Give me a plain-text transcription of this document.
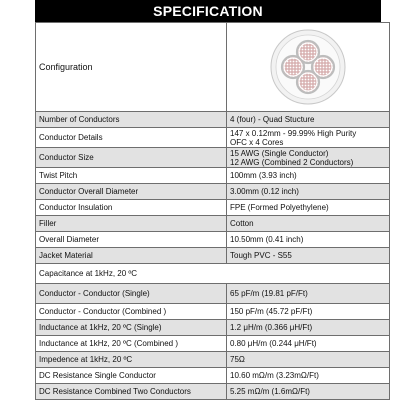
SPECIFICATION
Configuration	

Number of Conductors	4 (four) - Quad Stucture
Conductor Details	147 x 0.12mm - 99.99% High Purity
OFC x 4 Cores

Conductor Size	15 AWG (Single Conductor)
12 AWG (Combined 2 Conductors)

Twist Pitch	100mm (3.93 inch)
Conductor Overall Diameter	3.00mm (0.12 inch)
Conductor Insulation	FPE (Formed Polyethylene)
Filler	Cotton
Overall Diameter	10.50mm (0.41 inch)
Jacket Material	Tough PVC - S55
Capacitance at 1kHz, 20 ºC	
Conductor - Conductor (Single)	65 pF/m (19.81 pF/Ft)
Conductor - Conductor (Combined )	150 pF/m (45.72 pF/Ft)
Inductance at 1kHz, 20 ºC (Single)	1.2 μH/m (0.366 μH/Ft)
Inductance at 1kHz, 20 ºC (Combined )	0.80 μH/m (0.244 μH/Ft)
Impedence at 1kHz, 20 ºC	75Ω
DC Resistance Single Conductor	10.60 mΩ/m (3.23mΩ/Ft)
DC Resistance Combined Two Conductors	5.25 mΩ/m (1.6mΩ/Ft)
